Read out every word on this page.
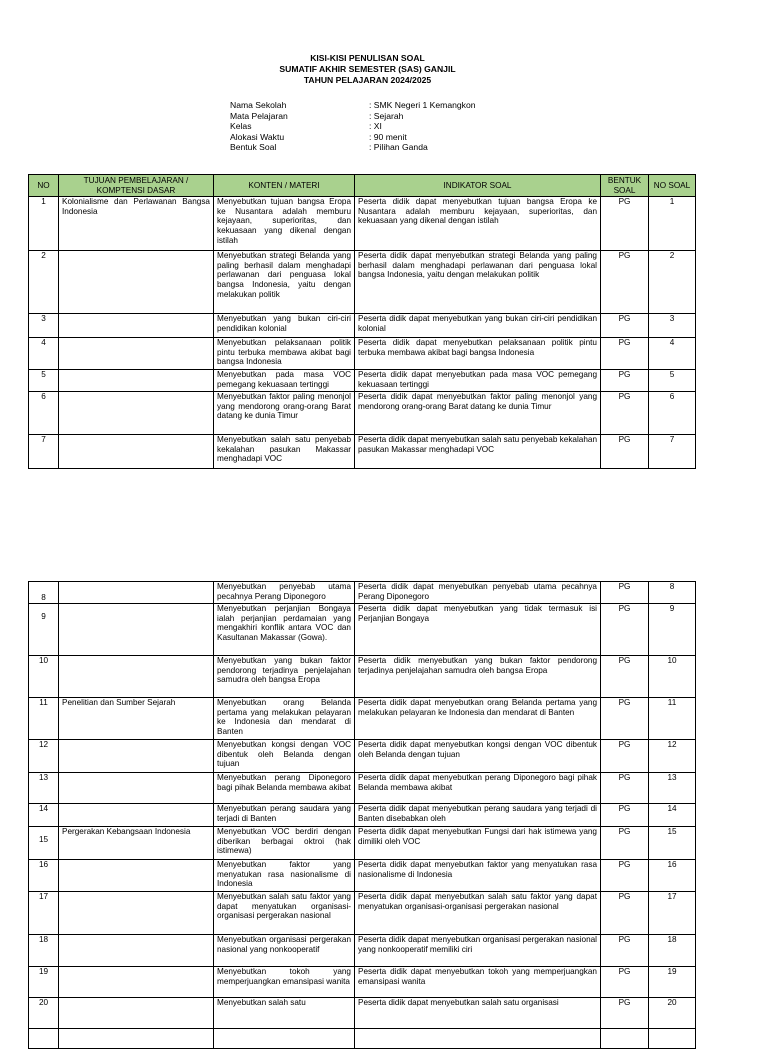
KISI-KISI PENULISAN SOAL
SUMATIF AKHIR SEMESTER (SAS) GANJIL
TAHUN PELAJARAN 2024/2025
Nama Sekolah	: SMK Negeri 1 Kemangkon
Mata Pelajaran	: Sejarah
Kelas	: XI
Alokasi Waktu	: 90 menit
Bentuk Soal	: Pilihan Ganda
NO	TUJUAN PEMBELAJARAN / KOMPTENSI DASAR	KONTEN / MATERI	INDIKATOR SOAL	BENTUK SOAL	NO SOAL
1	Kolonialisme dan Perlawanan Bangsa Indonesia	Menyebutkan tujuan bangsa Eropa ke Nusantara adalah memburu kejayaan, superioritas, dan kekuasaan yang dikenal dengan istilah	Peserta didik dapat menyebutkan tujuan bangsa Eropa ke Nusantara adalah memburu kejayaan, superioritas, dan kekuasaan yang dikenal dengan istilah	PG	1
2		Menyebutkan strategi Belanda yang paling berhasil dalam menghadapi perlawanan dari penguasa lokal bangsa Indonesia, yaitu dengan melakukan politik	Peserta didik dapat menyebutkan strategi Belanda yang paling berhasil dalam menghadapi perlawanan dari penguasa lokal bangsa Indonesia, yaitu dengan melakukan politik	PG	2
3		Menyebutkan yang bukan ciri-ciri pendidikan kolonial	Peserta didik dapat menyebutkan yang bukan ciri-ciri pendidikan kolonial	PG	3
4		Menyebutkan pelaksanaan politik pintu terbuka membawa akibat bagi bangsa Indonesia	Peserta didik dapat menyebutkan pelaksanaan politik pintu terbuka membawa akibat bagi bangsa Indonesia	PG	4
5		Menyebutkan pada masa VOC pemegang kekuasaan tertinggi	Peserta didik dapat menyebutkan pada masa VOC pemegang kekuasaan tertinggi	PG	5
6		Menyebutkan faktor paling menonjol yang mendorong orang-orang Barat datang ke dunia Timur	Peserta didik dapat menyebutkan faktor paling menonjol yang mendorong orang-orang Barat datang ke dunia Timur	PG	6
7		Menyebutkan salah satu penyebab kekalahan pasukan Makassar menghadapi VOC	Peserta didik dapat menyebutkan salah satu penyebab kekalahan pasukan Makassar menghadapi VOC	PG	7
8		Menyebutkan penyebab utama pecahnya Perang Diponegoro	Peserta didik dapat menyebutkan penyebab utama pecahnya Perang Diponegoro	PG	8
9		Menyebutkan perjanjian Bongaya ialah perjanjian perdamaian yang mengakhiri konflik antara VOC dan Kasultanan Makassar (Gowa).	Peserta didik dapat menyebutkan yang tidak termasuk isi Perjanjian Bongaya	PG	9
10		Menyebutkan yang bukan faktor pendorong terjadinya penjelajahan samudra oleh bangsa Eropa	Peserta didik menyebutkan yang bukan faktor pendorong terjadinya penjelajahan samudra oleh bangsa Eropa	PG	10
11	Penelitian dan Sumber Sejarah	Menyebutkan orang Belanda pertama yang melakukan pelayaran ke Indonesia dan mendarat di Banten	Peserta didik dapat menyebutkan orang Belanda pertama yang melakukan pelayaran ke Indonesia dan mendarat di Banten	PG	11
12		Menyebutkan kongsi dengan VOC dibentuk oleh Belanda dengan tujuan	Peserta didik dapat menyebutkan kongsi dengan VOC dibentuk oleh Belanda dengan tujuan	PG	12
13		Menyebutkan perang Diponegoro bagi pihak Belanda membawa akibat	Peserta didik dapat menyebutkan perang Diponegoro bagi pihak Belanda membawa akibat	PG	13
14		Menyebutkan perang saudara yang terjadi di Banten	Peserta didik dapat menyebutkan perang saudara yang terjadi di Banten disebabkan oleh	PG	14
15	Pergerakan Kebangsaan Indonesia	Menyebutkan VOC berdiri dengan diberikan berbagai oktroi (hak istimewa)	Peserta didik dapat menyebutkan Fungsi dari hak istimewa yang dimiliki oleh VOC	PG	15
16		Menyebutkan faktor yang menyatukan rasa nasionalisme di Indonesia	Peserta didik dapat menyebutkan faktor yang menyatukan rasa nasionalisme di Indonesia	PG	16
17		Menyebutkan salah satu faktor yang dapat menyatukan organisasi-organisasi pergerakan nasional	Peserta didik dapat menyebutkan salah satu faktor yang dapat menyatukan organisasi-organisasi pergerakan nasional	PG	17
18		Menyebutkan organisasi pergerakan nasional yang nonkooperatif	Peserta didik dapat menyebutkan organisasi pergerakan nasional yang nonkooperatif memiliki ciri	PG	18
19		Menyebutkan tokoh yang memperjuangkan emansipasi wanita	Peserta didik dapat menyebutkan tokoh yang memperjuangkan emansipasi wanita	PG	19
20		Menyebutkan salah satu	Peserta didik dapat menyebutkan salah satu organisasi	PG	20
